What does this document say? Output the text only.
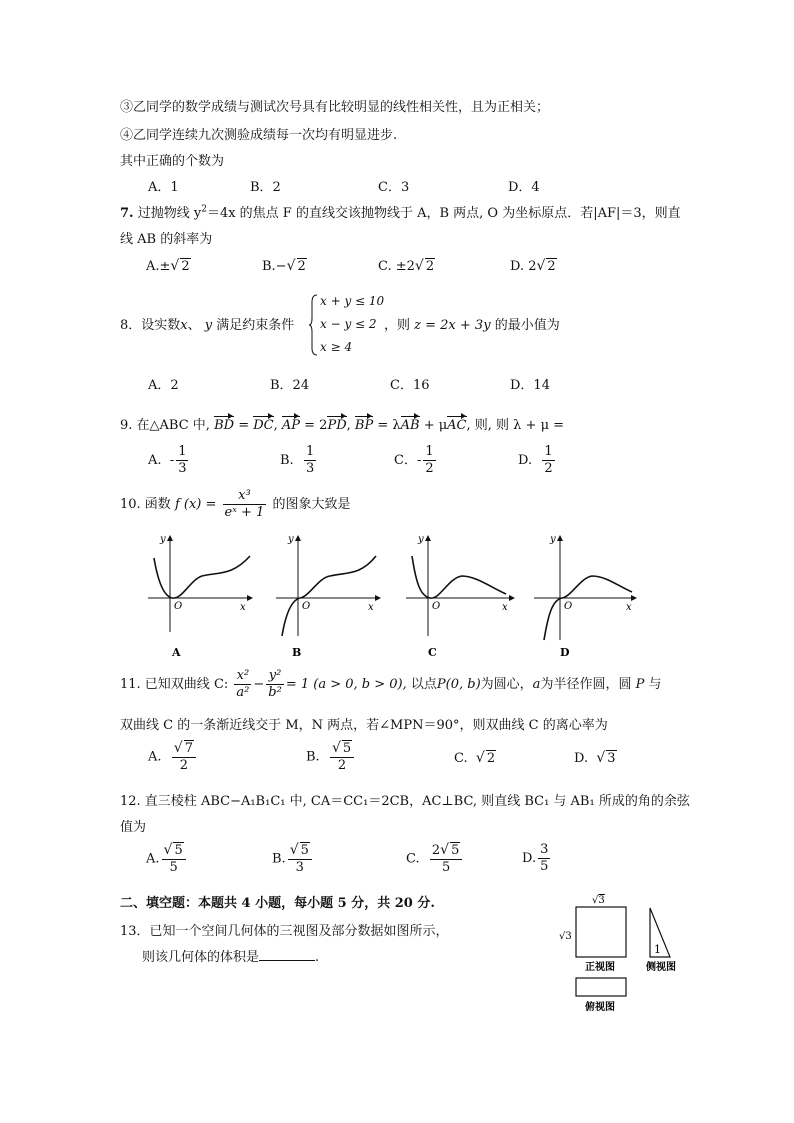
③乙同学的数学成绩与测试次号具有比较明显的线性相关性，且为正相关；
④乙同学连续九次测验成绩每一次均有明显进步.
其中正确的个数为
A．1	B．2	C．3	D．4
7. 过抛物线 $y^2=4x$ 的焦点 F 的直线交该抛物线于 A，B 两点, O 为坐标原点．若|AF|＝3，则直
线 AB 的斜率为
A.±√ 2	B.−√ 2	C. ±2√ 2	D. 2√ 2
8．设实数x、 y 满足约束条件
x + y ≤ 10
x − y ≤ 2
x ≥ 4
，则 z = 2x + 3y 的最小值为
A．2	B．24	C．16	D．14
9. 在△ABC 中, BD = DC, AP = 2PD, BP = λAB + μAC, 则, 则 λ + μ =
A. - $\frac{1}{3}$	B. $\frac{1}{3}$	C．- $\frac{1}{2}$	D. $\frac{1}{2}$
10. 函数 f $(x) = \frac{\text{x³}}{\text{eˣ + 1}}$ 的图象大致是
y
x
O
A
y
x
O
B
y
x
O
C
y
x
O
D
11. 已知双曲线 C: $\frac{\text{x²}}{\text{a²}} - \frac{\text{y²}}{\text{b²}} = 1$ (a > 0, b > 0), 以点P(0, b)为圆心，a为半径作圆，圆 P 与
双曲线 C 的一条渐近线交于 M，N 两点，若∠MPN＝90°，则双曲线 C 的离心率为
A. $\frac{√ 7}{2}$	B. $\frac{√ 5}{2}$	C. √ 2	D. √ 3
12. 直三棱柱 ABC−A₁B₁C₁ 中, CA＝CC₁＝2CB，AC⊥BC, 则直线 BC₁ 与 AB₁ 所成的角的余弦
值为
A. $\frac{√ 5}{5}$	B. $\frac{√ 5}{3}$	C. $\frac{2√ 5}{5}$	D. $\frac{3}{5}$
二、填空题：本题共 4 小题，每小题 5 分，共 20 分.
13．已知一个空间几何体的三视图及部分数据如图所示，
则该几何体的体积是	.
√3
√3
正视图
1
侧视图
俯视图
